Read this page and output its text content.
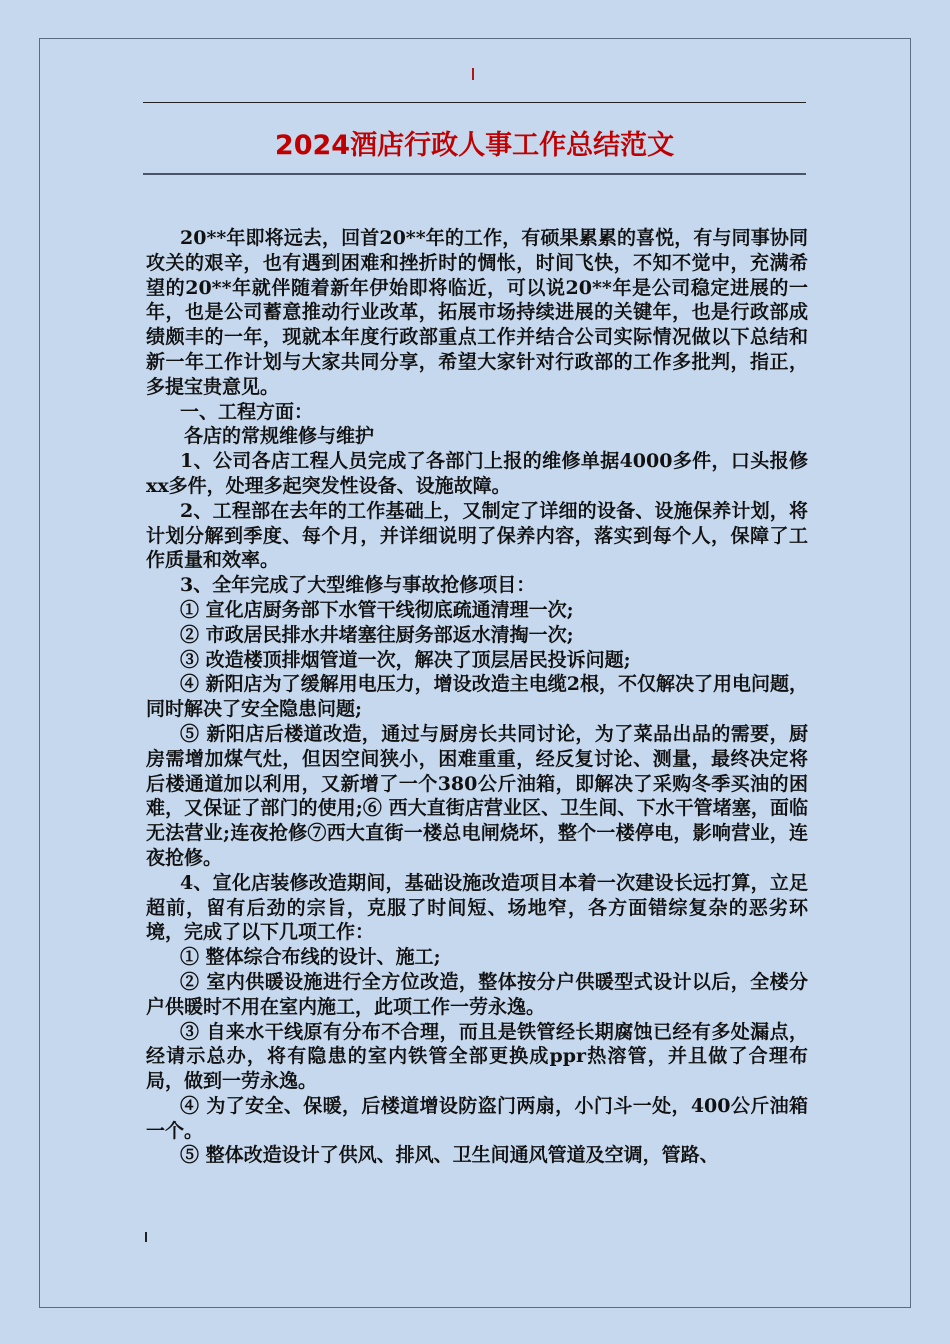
2024酒店行政人事工作总结范文

20**年即将远去，回首20**年的工作，有硕果累累的喜悦，有与同事协同攻关的艰辛，也有遇到困难和挫折时的惆怅，时间飞快，不知不觉中，充满希望的20**年就伴随着新年伊始即将临近，可以说20**年是公司稳定进展的一年，也是公司蓄意推动行业改革，拓展市场持续进展的关键年，也是行政部成绩颇丰的一年，现就本年度行政部重点工作并结合公司实际情况做以下总结和新一年工作计划与大家共同分享，希望大家针对行政部的工作多批判，指正，多提宝贵意见。

一、工程方面：

各店的常规维修与维护

1、公司各店工程人员完成了各部门上报的维修单据4000多件，口头报修xx多件，处理多起突发性设备、设施故障。

2、工程部在去年的工作基础上，又制定了详细的设备、设施保养计划，将计划分解到季度、每个月，并详细说明了保养内容，落实到每个人，保障了工作质量和效率。

3、全年完成了大型维修与事故抢修项目：

① 宣化店厨务部下水管干线彻底疏通清理一次;

② 市政居民排水井堵塞往厨务部返水清掏一次;

③ 改造楼顶排烟管道一次，解决了顶层居民投诉问题;

④ 新阳店为了缓解用电压力，增设改造主电缆2根，不仅解决了用电问题，同时解决了安全隐患问题;

⑤ 新阳店后楼道改造，通过与厨房长共同讨论，为了菜品出品的需要，厨房需增加煤气灶，但因空间狭小，困难重重，经反复讨论、测量，最终决定将后楼通道加以利用，又新增了一个380公斤油箱，即解决了采购冬季买油的困难，又保证了部门的使用;⑥ 西大直街店营业区、卫生间、下水干管堵塞，面临无法营业;连夜抢修⑦西大直街一楼总电闸烧坏，整个一楼停电，影响营业，连夜抢修。

4、宣化店装修改造期间，基础设施改造项目本着一次建设长远打算，立足超前，留有后劲的宗旨，克服了时间短、场地窄，各方面错综复杂的恶劣环境，完成了以下几项工作：

① 整体综合布线的设计、施工;

② 室内供暖设施进行全方位改造，整体按分户供暖型式设计以后，全楼分户供暖时不用在室内施工，此项工作一劳永逸。

③ 自来水干线原有分布不合理，而且是铁管经长期腐蚀已经有多处漏点，经请示总办，将有隐患的室内铁管全部更换成ppr热溶管，并且做了合理布局，做到一劳永逸。

④ 为了安全、保暖，后楼道增设防盗门两扇，小门斗一处，400公斤油箱一个。

⑤ 整体改造设计了供风、排风、卫生间通风管道及空调，管路、
